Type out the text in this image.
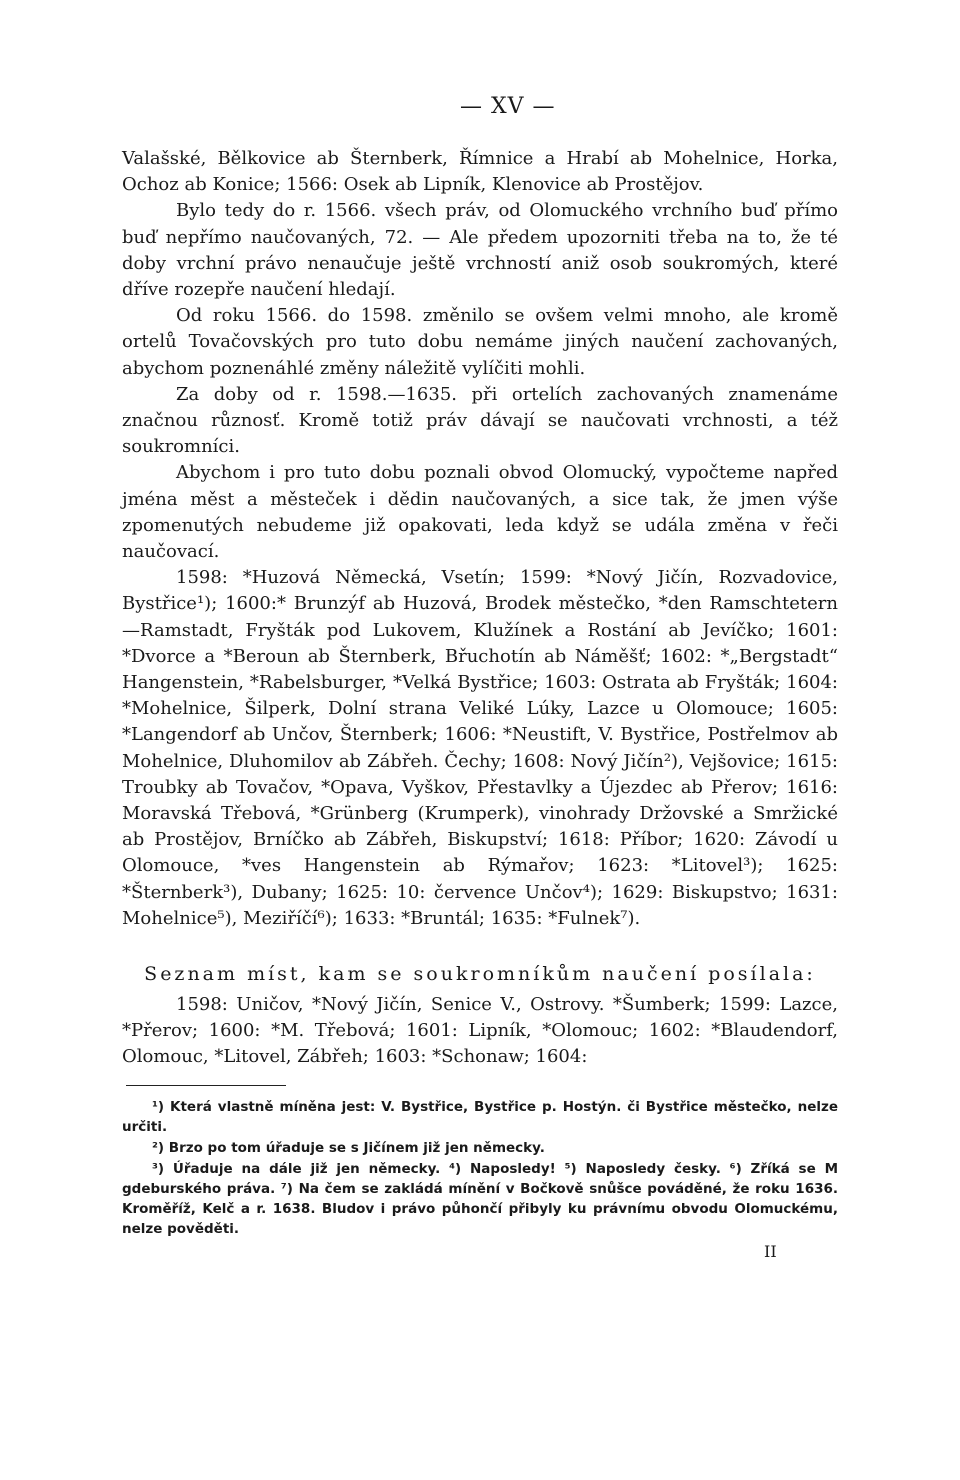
— XV —

Valašské, Bělkovice ab Šternberk, Římnice a Hrabí ab Mohelnice, Horka, Ochoz ab Konice; 1566: Osek ab Lipník, Klenovice ab Prostějov.

Bylo tedy do r. 1566. všech práv, od Olomuckého vrchního buď přímo buď nepřímo naučovaných, 72. — Ale předem upozorniti třeba na to, že té doby vrchní právo nenaučuje ještě vrchností aniž osob soukromých, které dříve rozepře naučení hledají.

Od roku 1566. do 1598. změnilo se ovšem velmi mnoho, ale kromě ortelů Tovačovských pro tuto dobu nemáme jiných naučení zachovaných, abychom poznenáhlé změny náležitě vylíčiti mohli.

Za doby od r. 1598.—1635. při ortelích zachovaných znamenáme značnou různosť. Kromě totiž práv dávají se naučovati vrchnosti, a též soukromníci.

Abychom i pro tuto dobu poznali obvod Olomucký, vypočteme napřed jména měst a městeček i dědin naučovaných, a sice tak, že jmen výše zpomenutých nebudeme již opakovati, leda když se udála změna v řeči naučovací.

1598: *Huzová Německá, Vsetín; 1599: *Nový Jičín, Rozvadovice, Bystřice¹); 1600:* Brunzýf ab Huzová, Brodek městečko, *den Ramschtetern—Ramstadt, Fryšták pod Lukovem, Klužínek a Rostání ab Jevíčko; 1601: *Dvorce a *Beroun ab Šternberk, Břuchotín ab Náměšť; 1602: *„Bergstadt“ Hangenstein, *Rabelsburger, *Velká Bystřice; 1603: Ostrata ab Fryšták; 1604: *Mohelnice, Šilperk, Dolní strana Veliké Lúky, Lazce u Olomouce; 1605: *Langendorf ab Unčov, Šternberk; 1606: *Neustift, V. Bystřice, Postřelmov ab Mohelnice, Dluhomilov ab Zábřeh. Čechy; 1608: Nový Jičín²), Vejšovice; 1615: Troubky ab Tovačov, *Opava, Vyškov, Přestavlky a Újezdec ab Přerov; 1616: Moravská Třebová, *Grünberg (Krumperk), vinohrady Držovské a Smržické ab Prostějov, Brníčko ab Zábřeh, Biskupství; 1618: Příbor; 1620: Závodí u Olomouce, *ves Hangenstein ab Rýmařov; 1623: *Litovel³); 1625: *Šternberk³), Dubany; 1625: 10: července Unčov⁴); 1629: Biskupstvo; 1631: Mohelnice⁵), Meziříčí⁶); 1633: *Bruntál; 1635: *Fulnek⁷).

Seznam míst, kam se soukromníkům naučení posílala:
1598: Uničov, *Nový Jičín, Senice V., Ostrovy. *Šumberk; 1599: Lazce, *Přerov; 1600: *M. Třebová; 1601: Lipník, *Olomouc; 1602: *Blaudendorf, Olomouc, *Litovel, Zábřeh; 1603: *Schonaw; 1604:

¹) Která vlastně míněna jest: V. Bystřice, Bystřice p. Hostýn. či Bystřice městečko, nelze určiti.

²) Brzo po tom úřaduje se s Jičínem již jen německy.

³) Úřaduje na dále již jen německy. ⁴) Naposledy! ⁵) Naposledy česky. ⁶) Zříká se M gdeburského práva. ⁷) Na čem se zakládá mínění v Bočkově snůšce pováděné, že roku 1636. Kroměříž, Kelč a r. 1638. Bludov i právo půhončí přibyly ku právnímu obvodu Olomuckému, nelze pověděti.

II
